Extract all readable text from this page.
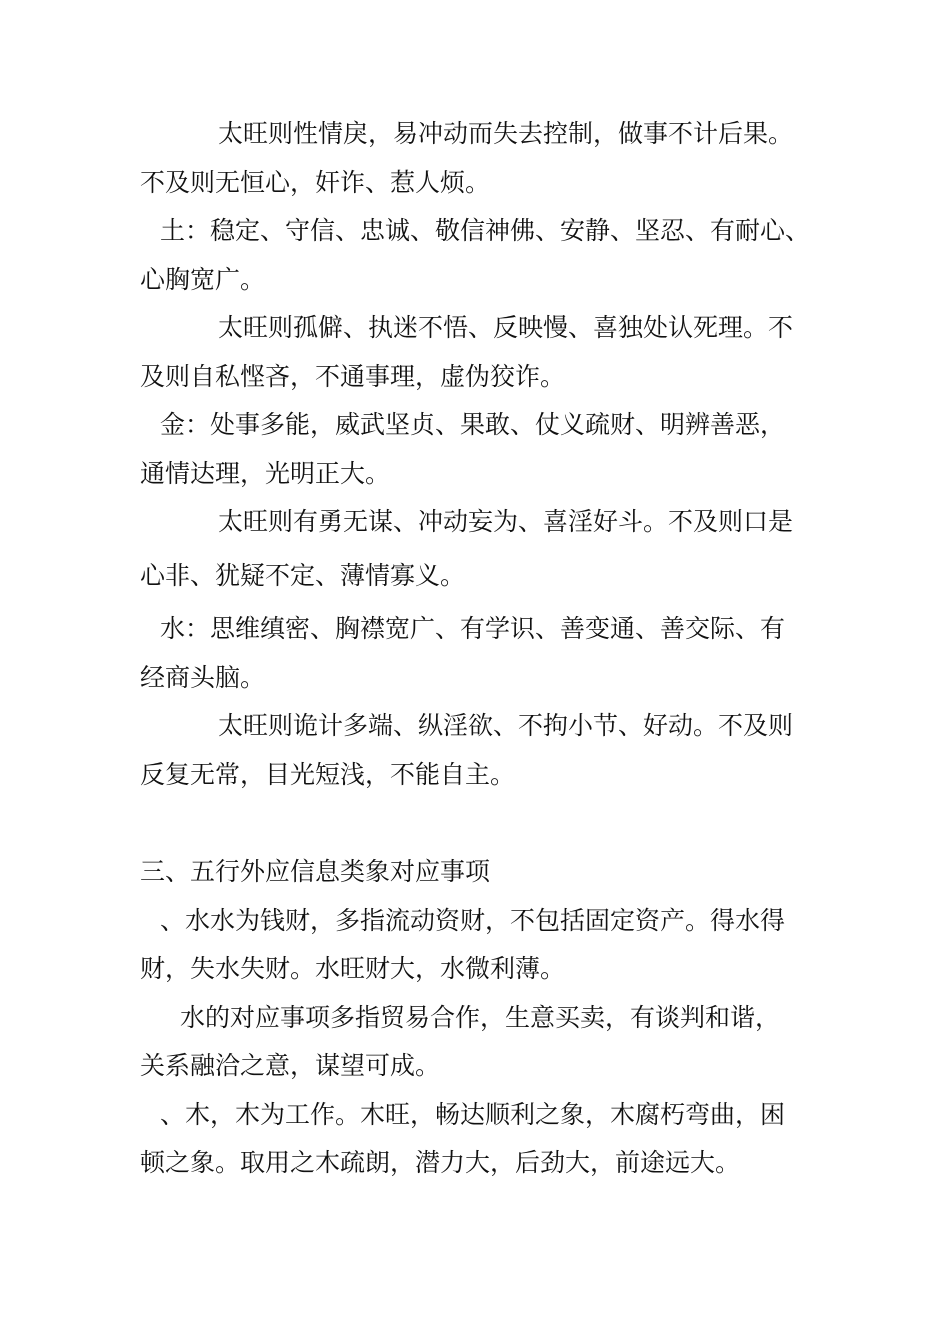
太旺则性情戾，易冲动而失去控制，做事不计后果。
不及则无恒心，奸诈、惹人烦。
土：稳定、守信、忠诚、敬信神佛、安静、坚忍、有耐心、
心胸宽广。
太旺则孤僻、执迷不悟、反映慢、喜独处认死理。不
及则自私悭吝，不通事理，虚伪狡诈。
金：处事多能，威武坚贞、果敢、仗义疏财、明辨善恶，
通情达理，光明正大。
太旺则有勇无谋、冲动妄为、喜淫好斗。不及则口是
心非、犹疑不定、薄情寡义。
水：思维缜密、胸襟宽广、有学识、善变通、善交际、有
经商头脑。
太旺则诡计多端、纵淫欲、不拘小节、好动。不及则
反复无常，目光短浅，不能自主。
三、五行外应信息类象对应事项
、水水为钱财，多指流动资财，不包括固定资产。得水得
财，失水失财。水旺财大，水微利薄。
水的对应事项多指贸易合作，生意买卖，有谈判和谐，
关系融洽之意，谋望可成。
、木，木为工作。木旺，畅达顺利之象，木腐朽弯曲，困
顿之象。取用之木疏朗，潜力大，后劲大，前途远大。
